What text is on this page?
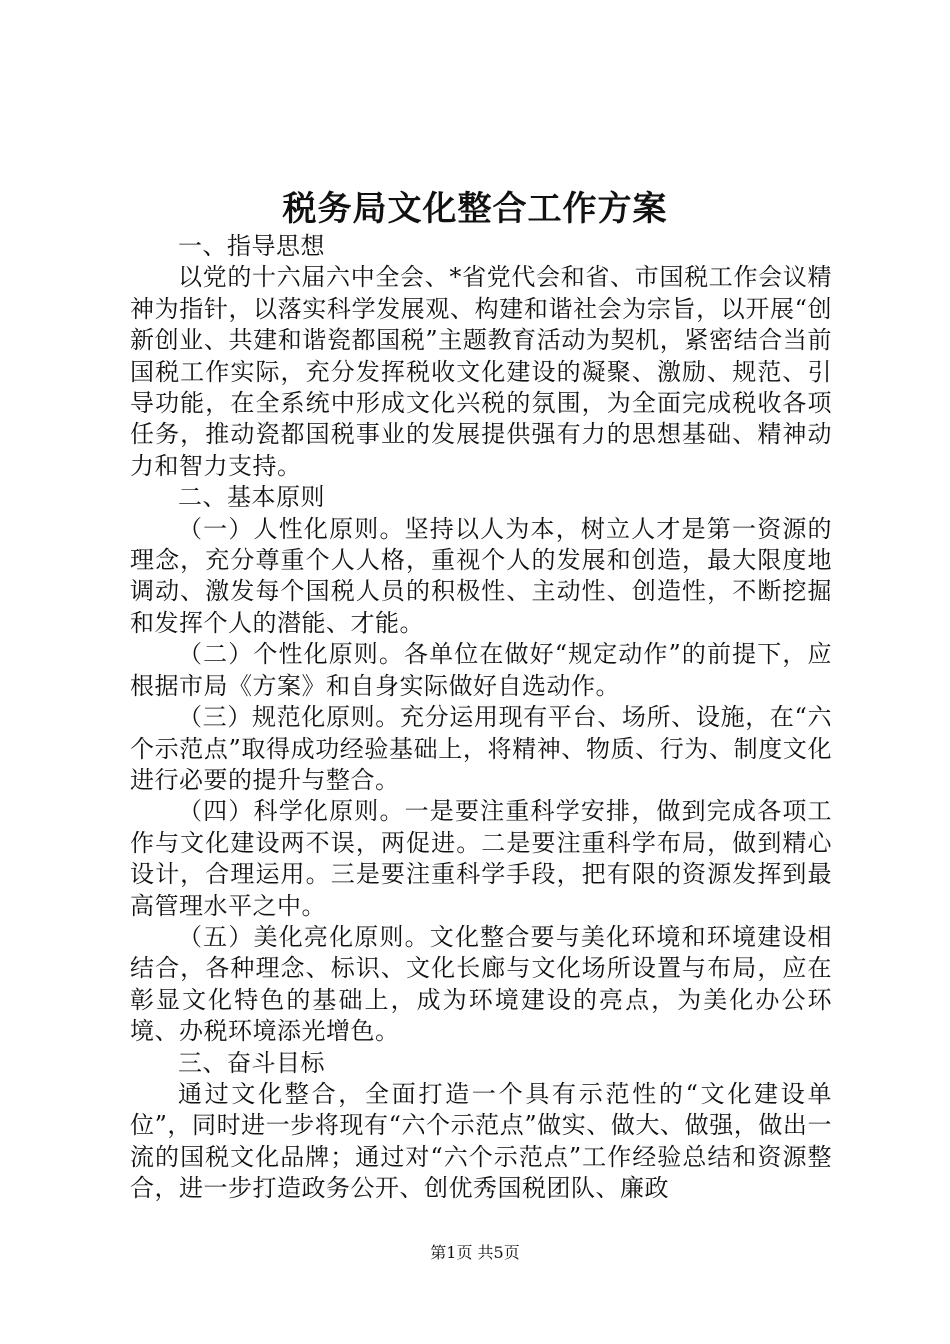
税务局文化整合工作方案

一、指导思想

以党的十六届六中全会、*省党代会和省、市国税工作会议精神为指针，以落实科学发展观、构建和谐社会为宗旨，以开展“创新创业、共建和谐瓷都国税”主题教育活动为契机，紧密结合当前国税工作实际，充分发挥税收文化建设的凝聚、激励、规范、引导功能，在全系统中形成文化兴税的氛围，为全面完成税收各项任务，推动瓷都国税事业的发展提供强有力的思想基础、精神动力和智力支持。

二、基本原则

（一）人性化原则。坚持以人为本，树立人才是第一资源的理念，充分尊重个人人格，重视个人的发展和创造，最大限度地调动、激发每个国税人员的积极性、主动性、创造性，不断挖掘和发挥个人的潜能、才能。

（二）个性化原则。各单位在做好“规定动作”的前提下，应根据市局《方案》和自身实际做好自选动作。

（三）规范化原则。充分运用现有平台、场所、设施，在“六个示范点”取得成功经验基础上，将精神、物质、行为、制度文化进行必要的提升与整合。

（四）科学化原则。一是要注重科学安排，做到完成各项工作与文化建设两不误，两促进。二是要注重科学布局，做到精心设计，合理运用。三是要注重科学手段，把有限的资源发挥到最高管理水平之中。

（五）美化亮化原则。文化整合要与美化环境和环境建设相结合，各种理念、标识、文化长廊与文化场所设置与布局，应在彰显文化特色的基础上，成为环境建设的亮点，为美化办公环境、办税环境添光增色。

三、奋斗目标

通过文化整合，全面打造一个具有示范性的“文化建设单位”，同时进一步将现有“六个示范点”做实、做大、做强，做出一流的国税文化品牌；通过对“六个示范点”工作经验总结和资源整合，进一步打造政务公开、创优秀国税团队、廉政

第1页 共5页
